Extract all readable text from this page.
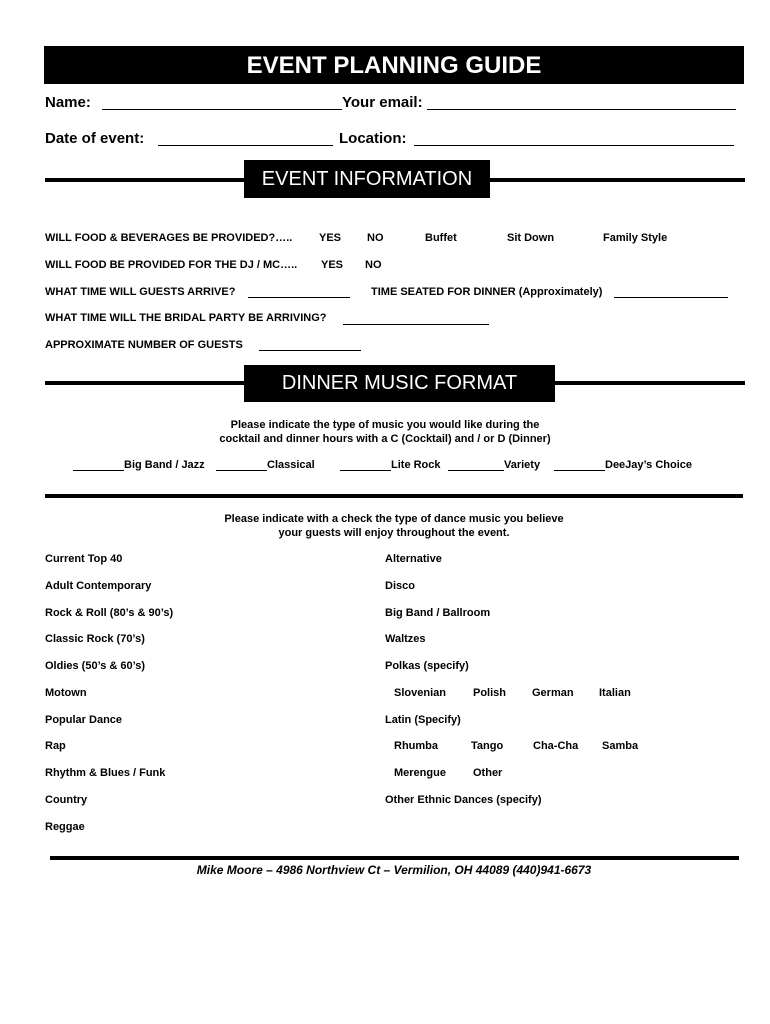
EVENT PLANNING GUIDE
Name:	Your email:
Date of event:	Location:
EVENT INFORMATION
WILL FOOD & BEVERAGES BE PROVIDED?….. YES NO	Buffet	Sit Down	Family Style
WILL FOOD BE PROVIDED FOR THE DJ / MC….. YES NO
WHAT TIME WILL GUESTS ARRIVE?	TIME SEATED FOR DINNER (Approximately)
WHAT TIME WILL THE BRIDAL PARTY BE ARRIVING?
APPROXIMATE NUMBER OF GUESTS
DINNER MUSIC FORMAT
Please indicate the type of music you would like during the
cocktail and dinner hours with a C (Cocktail) and / or D (Dinner)
Big Band / Jazz	Classical	Lite Rock	Variety	DeeJay’s Choice
Please indicate with a check the type of dance music you believe
your guests will enjoy throughout the event.
Current Top 40
Adult Contemporary
Rock & Roll (80’s & 90’s)
Classic Rock (70’s)
Oldies (50’s & 60’s)
Motown
Popular Dance
Rap
Rhythm & Blues / Funk
Country
Reggae
Alternative
Disco
Big Band / Ballroom
Waltzes
Polkas (specify)
Slovenian Polish German Italian
Latin (Specify)
Rhumba	Tango	Cha-Cha Samba
Merengue Other
Other Ethnic Dances (specify)
Mike Moore – 4986 Northview Ct – Vermilion, OH 44089 (440)941-6673
